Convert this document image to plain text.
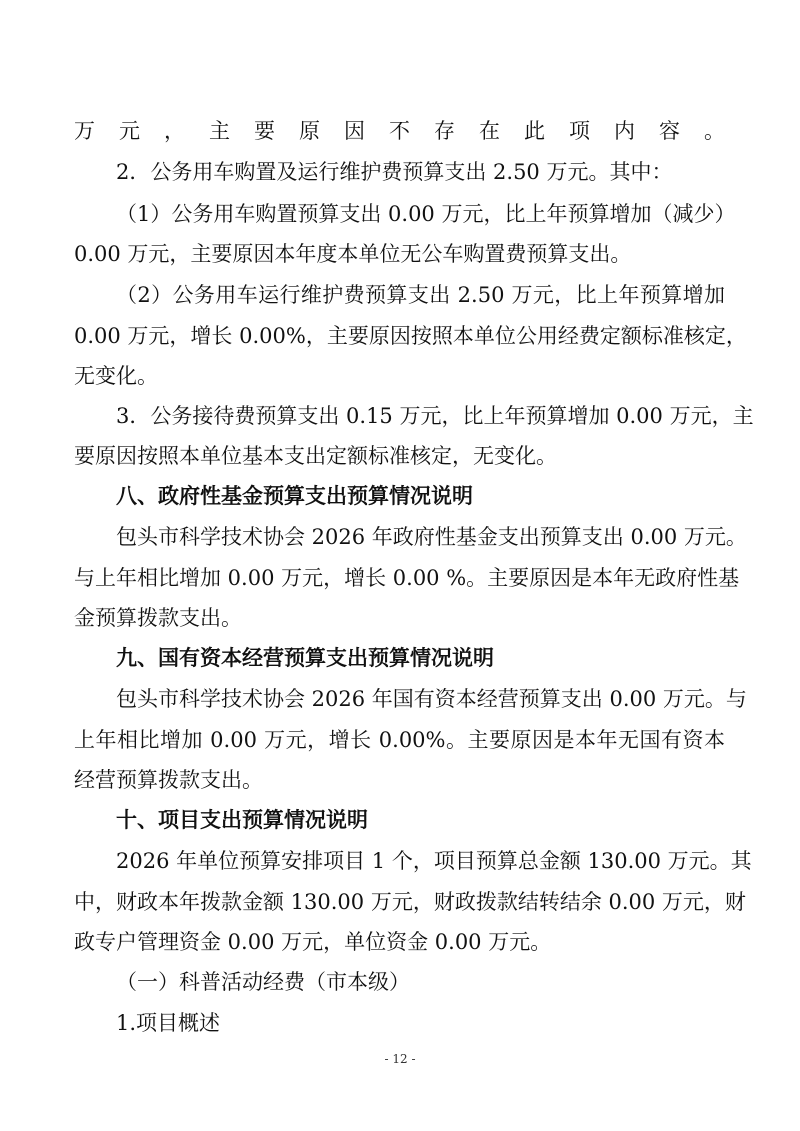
万元，主要原因不存在此项内容。
2．公务用车购置及运行维护费预算支出 2.50 万元。其中：
（1）公务用车购置预算支出 0.00 万元，比上年预算增加（减少）
0.00 万元，主要原因本年度本单位无公车购置费预算支出。
（2）公务用车运行维护费预算支出 2.50 万元，比上年预算增加
0.00 万元，增长 0.00%，主要原因按照本单位公用经费定额标准核定，
无变化。
3．公务接待费预算支出 0.15 万元，比上年预算增加 0.00 万元，主
要原因按照本单位基本支出定额标准核定，无变化。
八、政府性基金预算支出预算情况说明
包头市科学技术协会 2026 年政府性基金支出预算支出 0.00 万元。
与上年相比增加 0.00 万元，增长 0.00 %。主要原因是本年无政府性基
金预算拨款支出。
九、国有资本经营预算支出预算情况说明
包头市科学技术协会 2026 年国有资本经营预算支出 0.00 万元。与
上年相比增加 0.00 万元，增长 0.00%。主要原因是本年无国有资本
经营预算拨款支出。
十、项目支出预算情况说明
2026 年单位预算安排项目 1 个，项目预算总金额 130.00 万元。其
中，财政本年拨款金额 130.00 万元，财政拨款结转结余 0.00 万元，财
政专户管理资金 0.00 万元，单位资金 0.00 万元。
（一）科普活动经费（市本级）
1.项目概述
- 12 -
